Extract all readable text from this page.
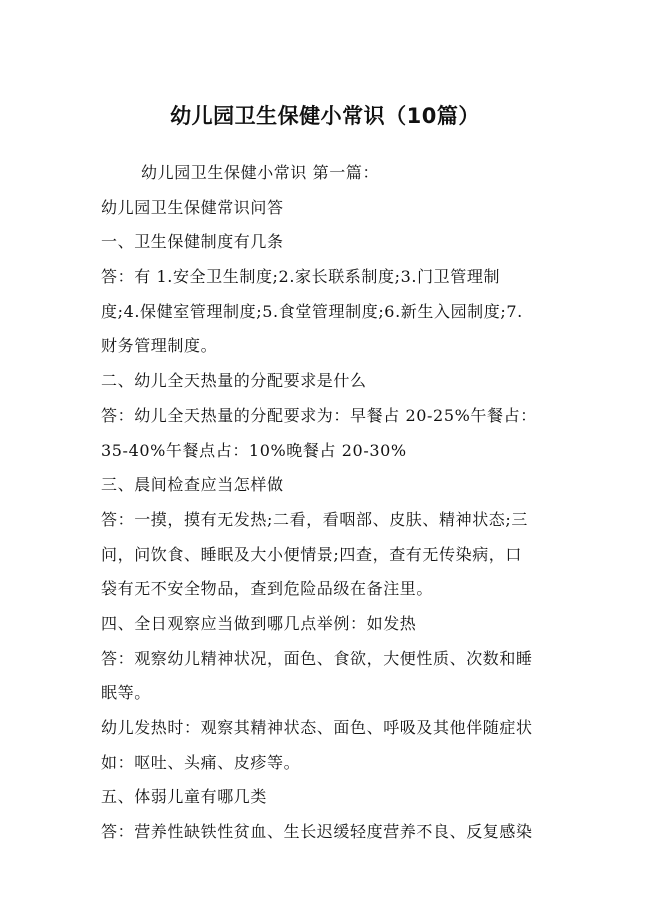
幼儿园卫生保健小常识（10篇）
幼儿园卫生保健小常识 第一篇：
幼儿园卫生保健常识问答
一、卫生保健制度有几条
答：有 1.安全卫生制度;2.家长联系制度;3.门卫管理制
度;4.保健室管理制度;5.食堂管理制度;6.新生入园制度;7.
财务管理制度。
二、幼儿全天热量的分配要求是什么
答：幼儿全天热量的分配要求为：早餐占 20-25%午餐占：
35-40%午餐点占：10%晚餐占 20-30%
三、晨间检查应当怎样做
答：一摸，摸有无发热;二看，看咽部、皮肤、精神状态;三
问，问饮食、睡眠及大小便情景;四查，查有无传染病，口
袋有无不安全物品，查到危险品级在备注里。
四、全日观察应当做到哪几点举例：如发热
答：观察幼儿精神状况，面色、食欲，大便性质、次数和睡
眠等。
幼儿发热时：观察其精神状态、面色、呼吸及其他伴随症状
如：呕吐、头痛、皮疹等。
五、体弱儿童有哪几类
答：营养性缺铁性贫血、生长迟缓轻度营养不良、反复感染
